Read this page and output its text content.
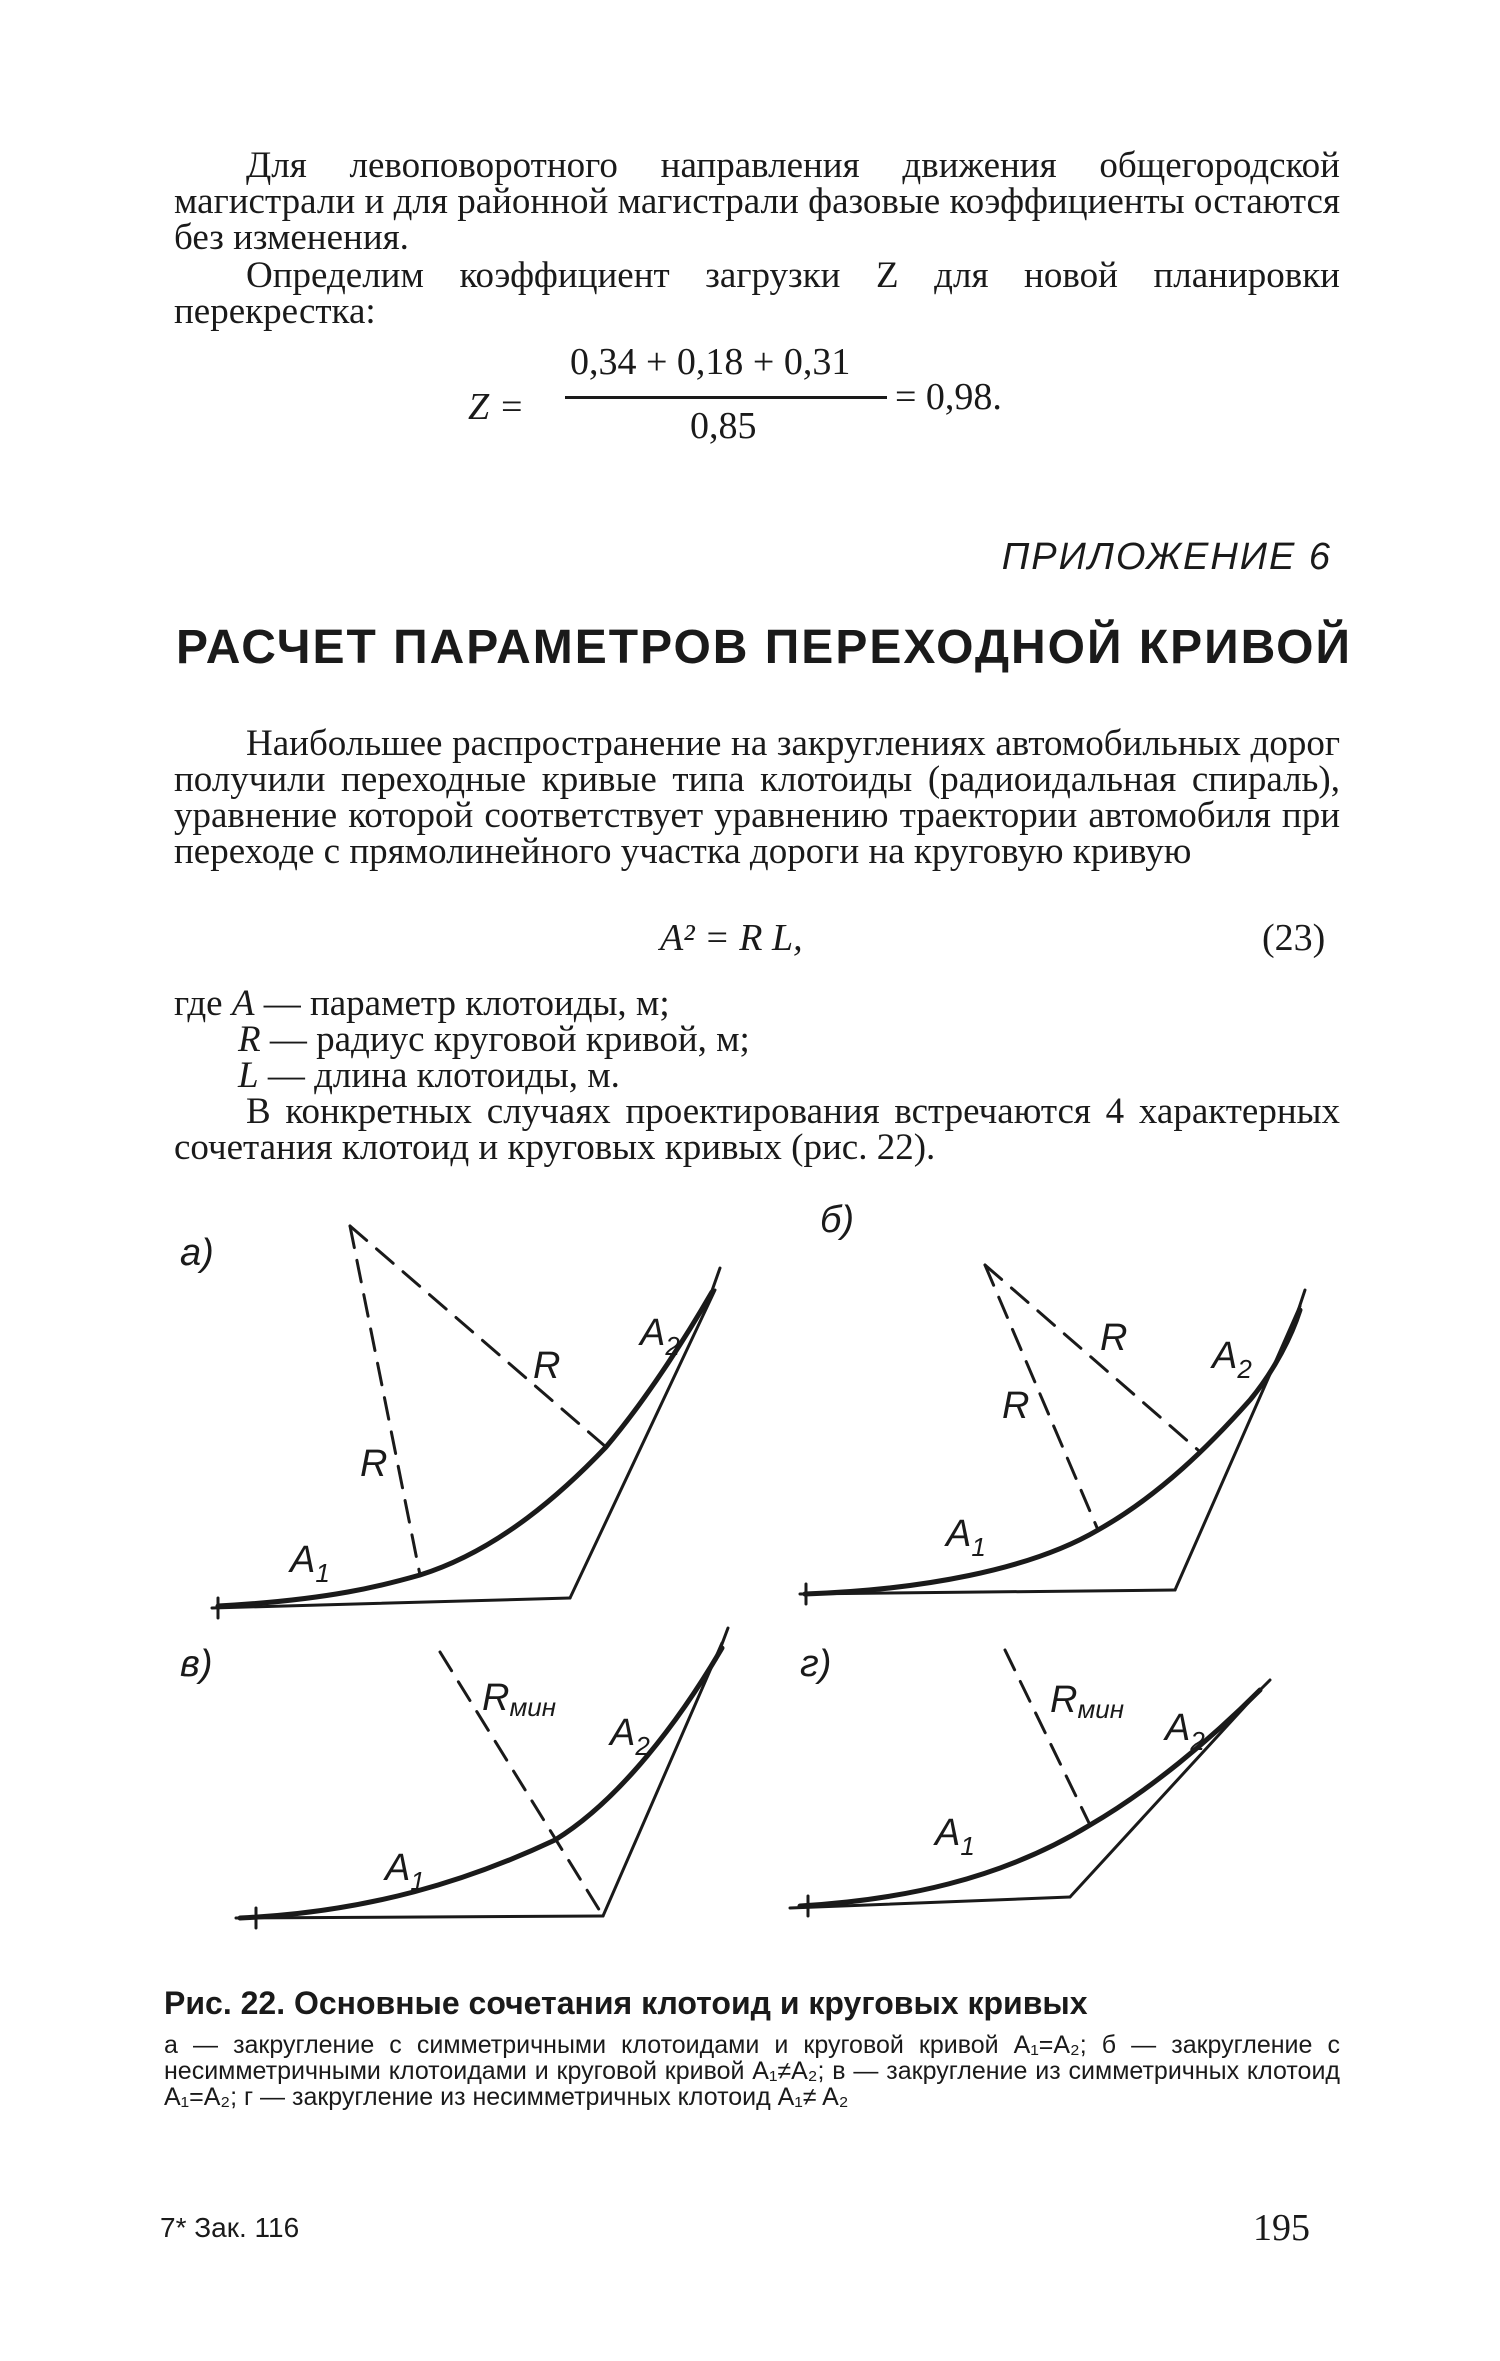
Для левоповоротного направления движения общегородской магистрали и для районной магистрали фазовые коэффициенты остаются без изменения.

Определим коэффициент загрузки Z для новой планировки перекрестка:

Z =
0,34 + 0,18 + 0,31
0,85
= 0,98.
ПРИЛОЖЕНИЕ 6
РАСЧЕТ ПАРАМЕТРОВ ПЕРЕХОДНОЙ КРИВОЙ

Наибольшее распространение на закруглениях автомобильных дорог получили переходные кривые типа клотоиды (радиоидальная спираль), уравнение которой соответствует уравнению траектории автомобиля при переходе с прямолинейного участка дороги на круговую кривую

A² = R L,	(23)
где A — параметр клотоиды, м;
R — радиус круговой кривой, м;
L — длина клотоиды, м.

В конкретных случаях проектирования встречаются 4 характерных сочетания клотоид и круговых кривых (рис. 22).

а)
R
R
$A_2$
$A_1$
б)
R
R
$A_2$
$A_1$
в)
Rмин
$A_2$
$A_1$
г)
Rмин $A_2$
$A_1$
Рис. 22. Основные сочетания клотоид и круговых кривых

а — закругление с симметричными клотоидами и круговой кривой A₁=A₂; б — закругление с несимметричными клотоидами и круговой кривой A₁≠A₂; в — закругление из симметричных клотоид A₁=A₂; г — закругление из несимметричных клотоид A₁≠ A₂

7* Зак. 116	195
